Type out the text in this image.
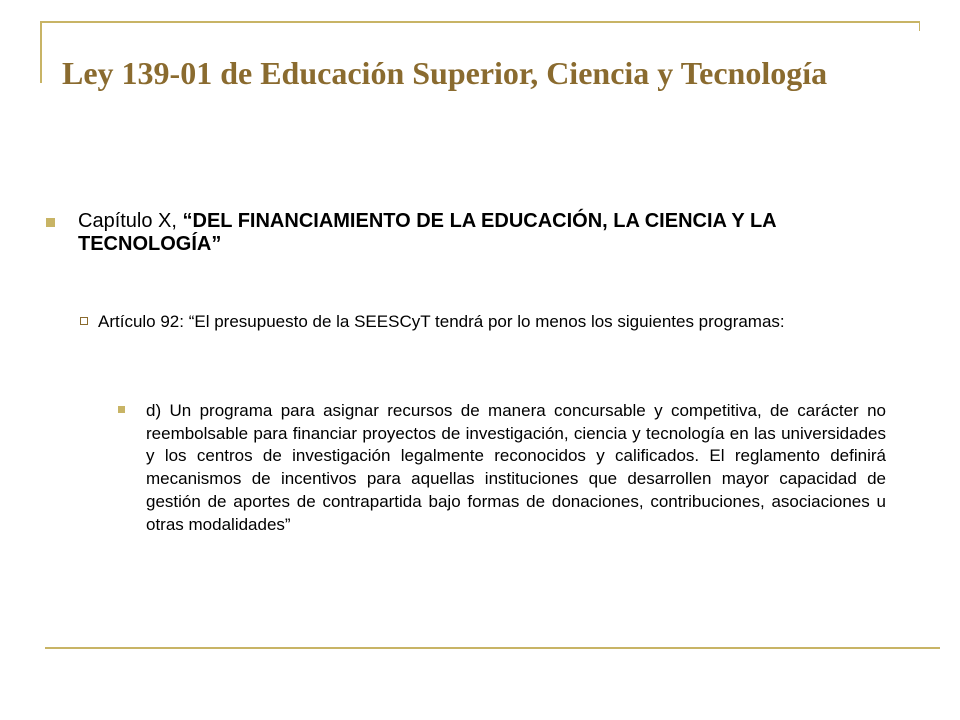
Ley 139-01 de Educación Superior, Ciencia y Tecnología
Capítulo X, “DEL FINANCIAMIENTO DE LA EDUCACIÓN, LA CIENCIA Y LA TECNOLOGÍA”
Artículo 92: “El presupuesto de la SEESCyT tendrá por lo menos los siguientes programas:
d) Un programa para asignar recursos de manera concursable y competitiva, de carácter no reembolsable para financiar proyectos de investigación, ciencia y tecnología en las universidades y los centros de investigación legalmente reconocidos y calificados. El reglamento definirá mecanismos de incentivos para aquellas instituciones que desarrollen mayor capacidad de gestión de aportes de contrapartida bajo formas de donaciones, contribuciones, asociaciones u otras modalidades”
